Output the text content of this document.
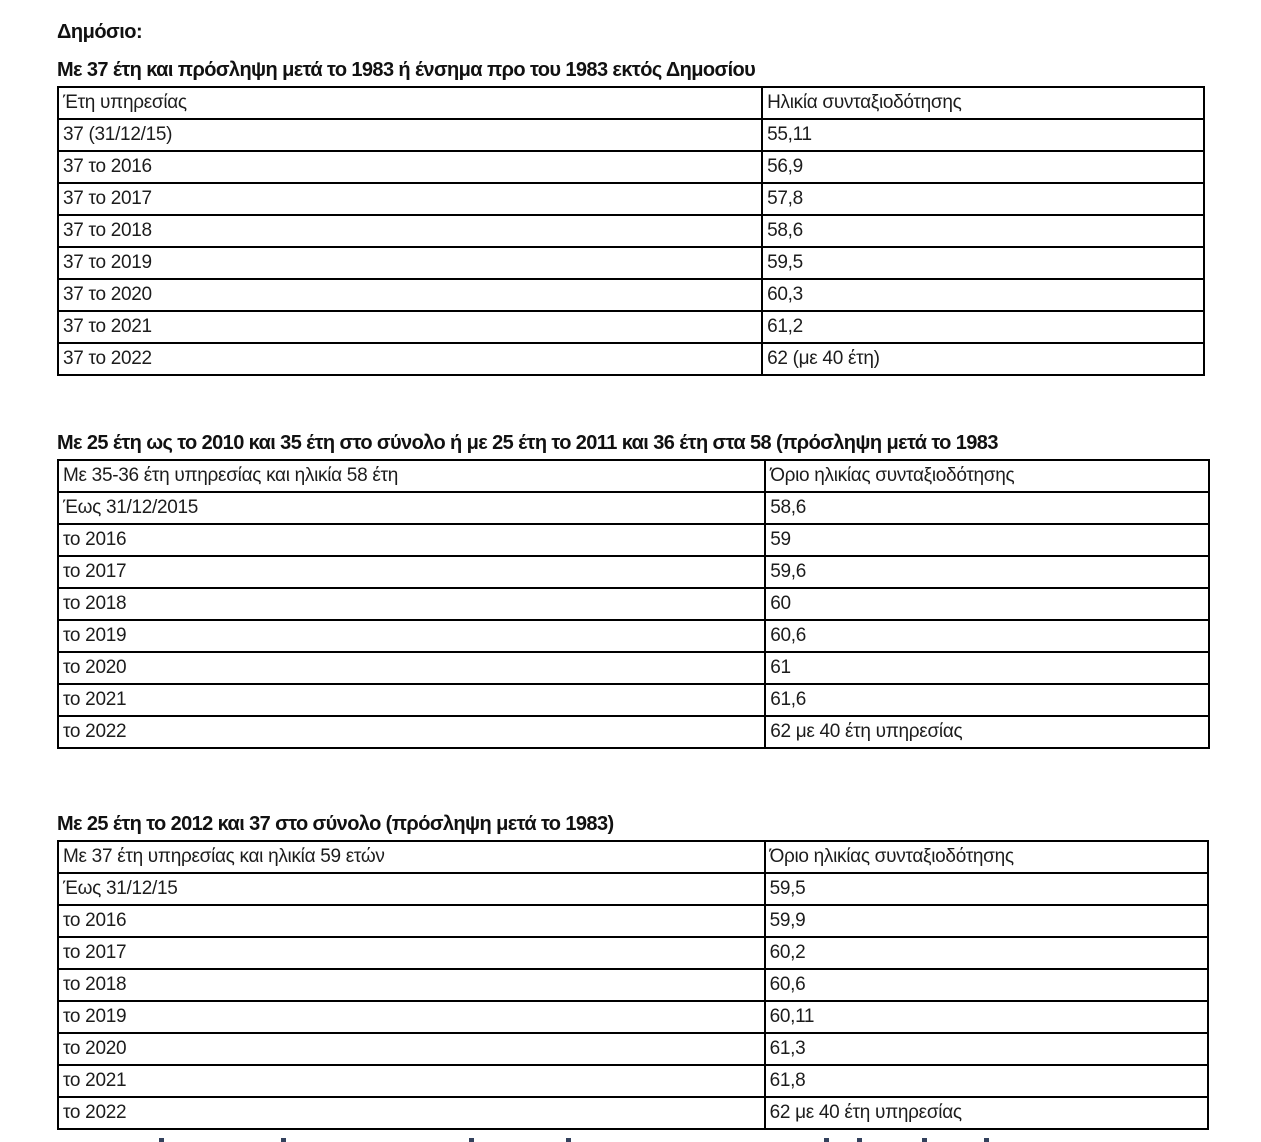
Δημόσιο:
Με 37 έτη και πρόσληψη μετά το 1983 ή ένσημα προ του 1983 εκτός Δημοσίου
Έτη υπηρεσίας	Ηλικία συνταξιοδότησης
37 (31/12/15)	55,11
37 το 2016	56,9
37 το 2017	57,8
37 το 2018	58,6
37 το 2019	59,5
37 το 2020	60,3
37 το 2021	61,2
37 το 2022	62 (με 40 έτη)
Με 25 έτη ως το 2010 και 35 έτη στο σύνολο ή με 25 έτη το 2011 και 36 έτη στα 58 (πρόσληψη μετά το 1983
Με 35-36 έτη υπηρεσίας και ηλικία 58 έτη	Όριο ηλικίας συνταξιοδότησης
Έως 31/12/2015	58,6
το 2016	59
το 2017	59,6
το 2018	60
το 2019	60,6
το 2020	61
το 2021	61,6
το 2022	62 με 40 έτη υπηρεσίας
Με 25 έτη το 2012 και 37 στο σύνολο (πρόσληψη μετά το 1983)
Με 37 έτη υπηρεσίας και ηλικία 59 ετών	Όριο ηλικίας συνταξιοδότησης
Έως 31/12/15	59,5
το 2016	59,9
το 2017	60,2
το 2018	60,6
το 2019	60,11
το 2020	61,3
το 2021	61,8
το 2022	62 με 40 έτη υπηρεσίας
